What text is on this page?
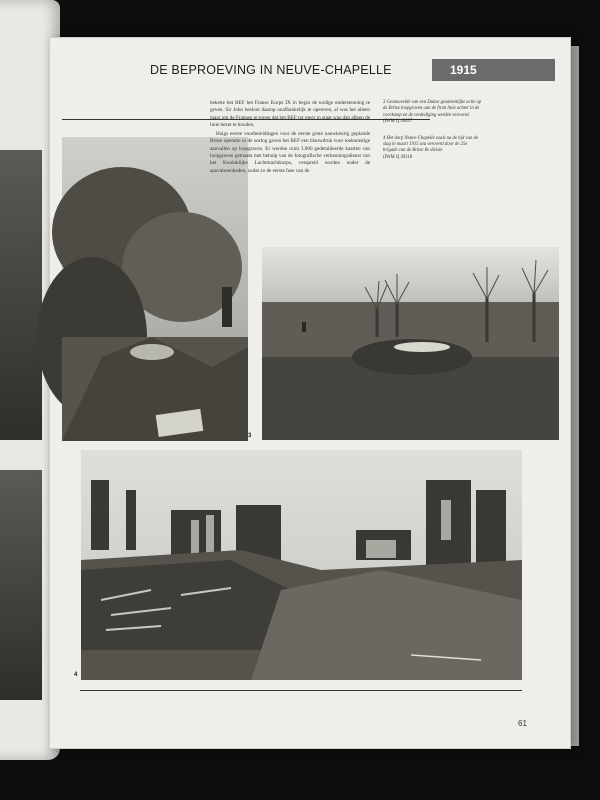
DE BEPROEVING IN NEUVE-CHAPELLE	1915
3

bekette het BEF het Franse Korps IX in begin de nodige ondersteuning te geven. Sir John besloot daarop onafhankelijk te opereren, al was het alleen maar om de Fransen te tonen dat het BEF tot meer in staat was dan alleen de linie bezet te houden.

Haigs eerste voorbereidingen voor de eerste grote nauwkeurig geplande Britse operatie in de oorlog gaven het BEF een blauwdruk voor toekomstige aanvallen op loopgraven. Er werden ruim 3.000 gedetailleerde kaarten van loopgraven gemaakt met behulp van de fotografische verkenningsdienst van het Koninklijke Luchtmachtkorps, verspreid werden onder de aanvalseenheden, zodat zo de eerste fase van de

3 Gesneuvelde van een Duitse gezamenlijke actie op de Britse loopgraven aan de front linie achter in de voorkamp en de verdediging werden veroverd.
(IWM Q 49037
4 Het dorp Neuve-Chapelle zoals na de tijd van de slag in maart 1915 zou veroverd door de 25e brigade van de Britse 8e divisie
(IWM Q 49318
4
61
